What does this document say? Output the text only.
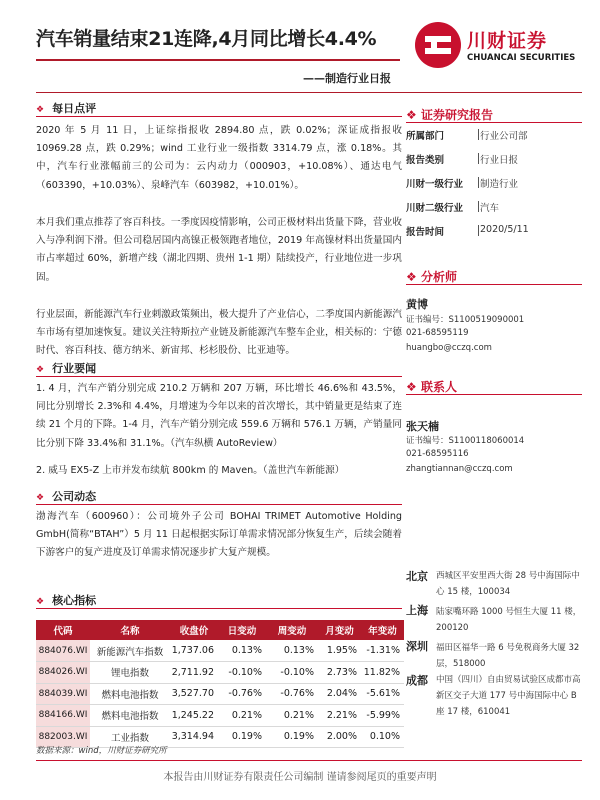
汽车销量结束21连降,4月同比增长4.4%	川财证券
CHUANCAI SECURITIES
——制造行业日报
❖ 每日点评
2020 年 5 月 11 日，上证综指报收 2894.80 点，跌 0.02%；深证成指报收 10969.28 点，跌 0.29%；wind 工业行业一级指数 3314.79 点，涨 0.18%。其中，汽车行业涨幅前三的公司为：云内动力（000903，+10.08%）、通达电气（603390，+10.03%）、泉峰汽车（603982，+10.01%）。
本月我们重点推荐了容百科技。一季度因疫情影响，公司正极材料出货量下降，营业收入与净利润下滑。但公司稳居国内高镍正极领跑者地位，2019 年高镍材料出货量国内市占率超过 60%，新增产线（湖北四期、贵州 1-1 期）陆续投产，行业地位进一步巩固。
行业层面，新能源汽车行业刺激政策频出，极大提升了产业信心，二季度国内新能源汽车市场有望加速恢复。建议关注特斯拉产业链及新能源汽车整车企业，相关标的：宁德时代、容百科技、德方纳米、新宙邦、杉杉股份、比亚迪等。
❖ 行业要闻
1. 4 月，汽车产销分别完成 210.2 万辆和 207 万辆，环比增长 46.6%和 43.5%，同比分别增长 2.3%和 4.4%，月增速为今年以来的首次增长，其中销量更是结束了连续 21 个月的下降。1-4 月，汽车产销分别完成 559.6 万辆和 576.1 万辆，产销量同比分别下降 33.4%和 31.1%。（汽车纵横 AutoReview）
2. 威马 EX5-Z 上市并发布续航 800km 的 Maven。（盖世汽车新能源）
❖ 公司动态
渤海汽车（600960）：公司境外子公司 BOHAI TRIMET Automotive Holding GmbH(简称“BTAH”）5 月 11 日起根据实际订单需求情况部分恢复生产，后续会随着下游客户的复产进度及订单需求情况逐步扩大复产规模。
❖ 核心指标
代码	名称	收盘价	日变动	周变动	月变动	年变动
884076.WI	新能源汽车指数	1,737.06	0.13%	0.13%	1.95%	-1.31%
884026.WI	锂电指数	2,711.92	-0.10%	-0.10%	2.73%	11.82%
884039.WI	燃料电池指数	3,527.70	-0.76%	-0.76%	2.04%	-5.61%
884166.WI	燃料电池指数	1,245.22	0.21%	0.21%	2.21%	-5.99%
882003.WI	工业指数	3,314.94	0.19%	0.19%	2.00%	0.10%
数据来源：wind，川财证券研究所
❖ 证券研究报告
所属部门	行业公司部
报告类别	行业日报
川财一级行业 制造行业
川财二级行业 汽车
报告时间	2020/5/11
❖ 分析师
黄博
证书编号：S1100519090001
021-68595119
huangbo@cczq.com
❖ 联系人
张天楠
证书编号：S1100118060014
021-68595116
zhangtiannan@cczq.com
北京 西城区平安里西大街 28 号中海国际中心 15 楼，100034
上海 陆家嘴环路 1000 号恒生大厦 11 楼，200120
深圳 福田区福华一路 6 号免税商务大厦 32 层，518000
成都 中国（四川）自由贸易试验区成都市高新区交子大道 177 号中海国际中心 B 座 17 楼，610041
本报告由川财证券有限责任公司编制 谨请参阅尾页的重要声明
